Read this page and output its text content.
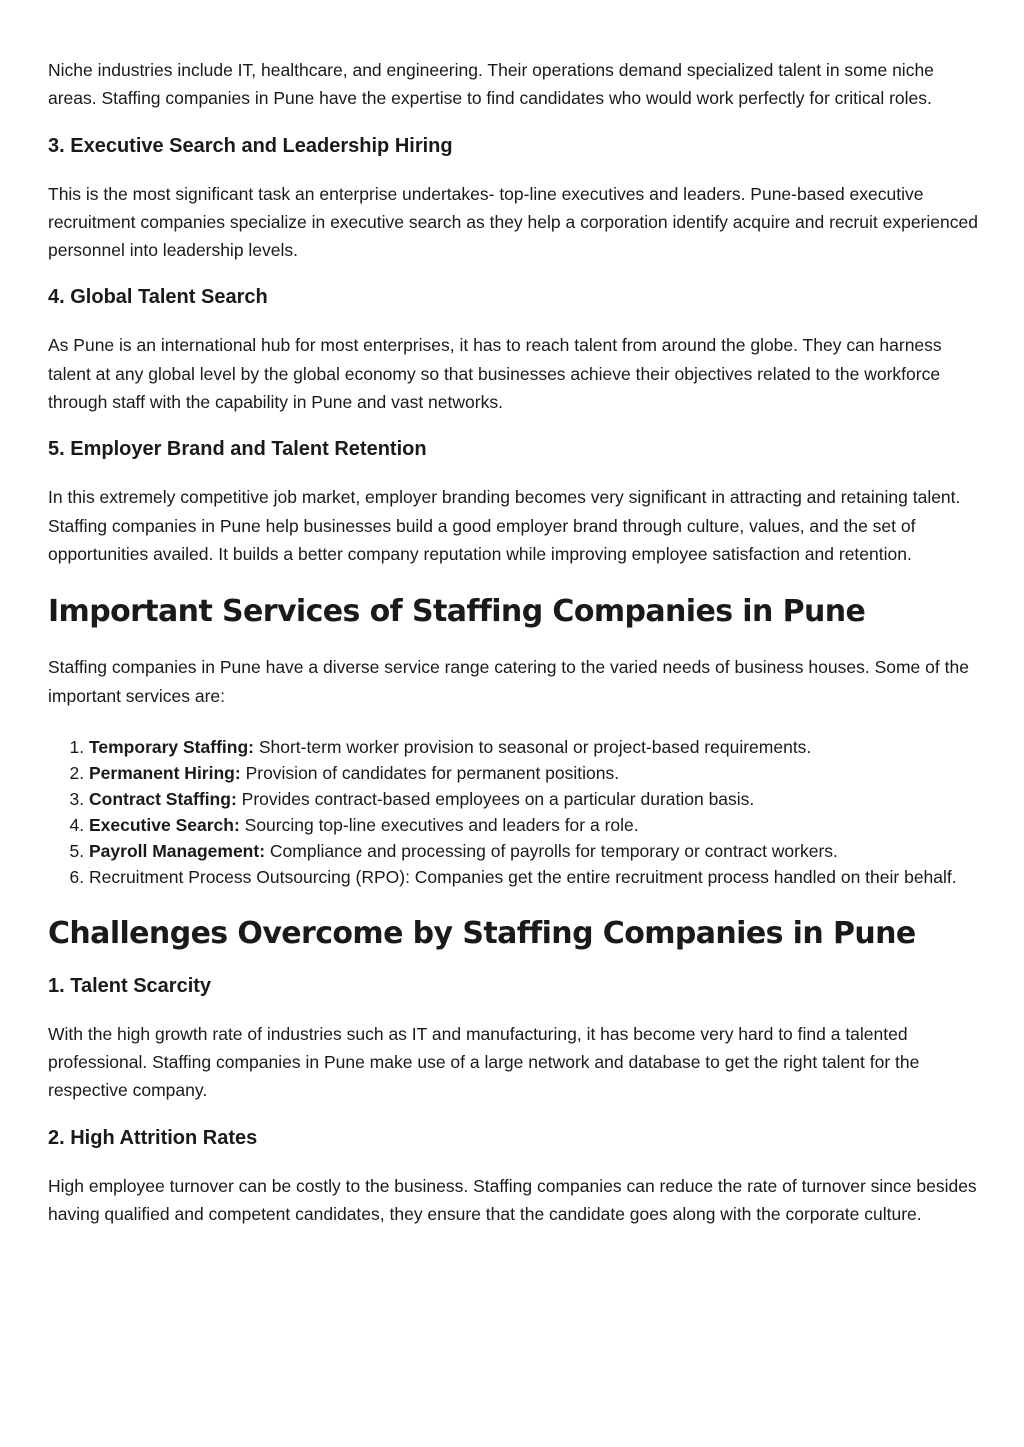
Niche industries include IT, healthcare, and engineering. Their operations demand specialized talent in some niche areas. Staffing companies in Pune have the expertise to find candidates who would work perfectly for critical roles.

3. Executive Search and Leadership Hiring

This is the most significant task an enterprise undertakes- top-line executives and leaders. Pune-based executive recruitment companies specialize in executive search as they help a corporation identify acquire and recruit experienced personnel into leadership levels.

4. Global Talent Search

As Pune is an international hub for most enterprises, it has to reach talent from around the globe. They can harness talent at any global level by the global economy so that businesses achieve their objectives related to the workforce through staff with the capability in Pune and vast networks.

5. Employer Brand and Talent Retention

In this extremely competitive job market, employer branding becomes very significant in attracting and retaining talent. Staffing companies in Pune help businesses build a good employer brand through culture, values, and the set of opportunities availed. It builds a better company reputation while improving employee satisfaction and retention.

Important Services of Staffing Companies in Pune

Staffing companies in Pune have a diverse service range catering to the varied needs of business houses. Some of the important services are:

1. Temporary Staffing: Short-term worker provision to seasonal or project-based requirements.
2. Permanent Hiring: Provision of candidates for permanent positions.
3. Contract Staffing: Provides contract-based employees on a particular duration basis.
4. Executive Search: Sourcing top-line executives and leaders for a role.
5. Payroll Management: Compliance and processing of payrolls for temporary or contract workers.
6. Recruitment Process Outsourcing (RPO): Companies get the entire recruitment process handled on their behalf.
Challenges Overcome by Staffing Companies in Pune
1. Talent Scarcity

With the high growth rate of industries such as IT and manufacturing, it has become very hard to find a talented professional. Staffing companies in Pune make use of a large network and database to get the right talent for the respective company.

2. High Attrition Rates

High employee turnover can be costly to the business. Staffing companies can reduce the rate of turnover since besides having qualified and competent candidates, they ensure that the candidate goes along with the corporate culture.
